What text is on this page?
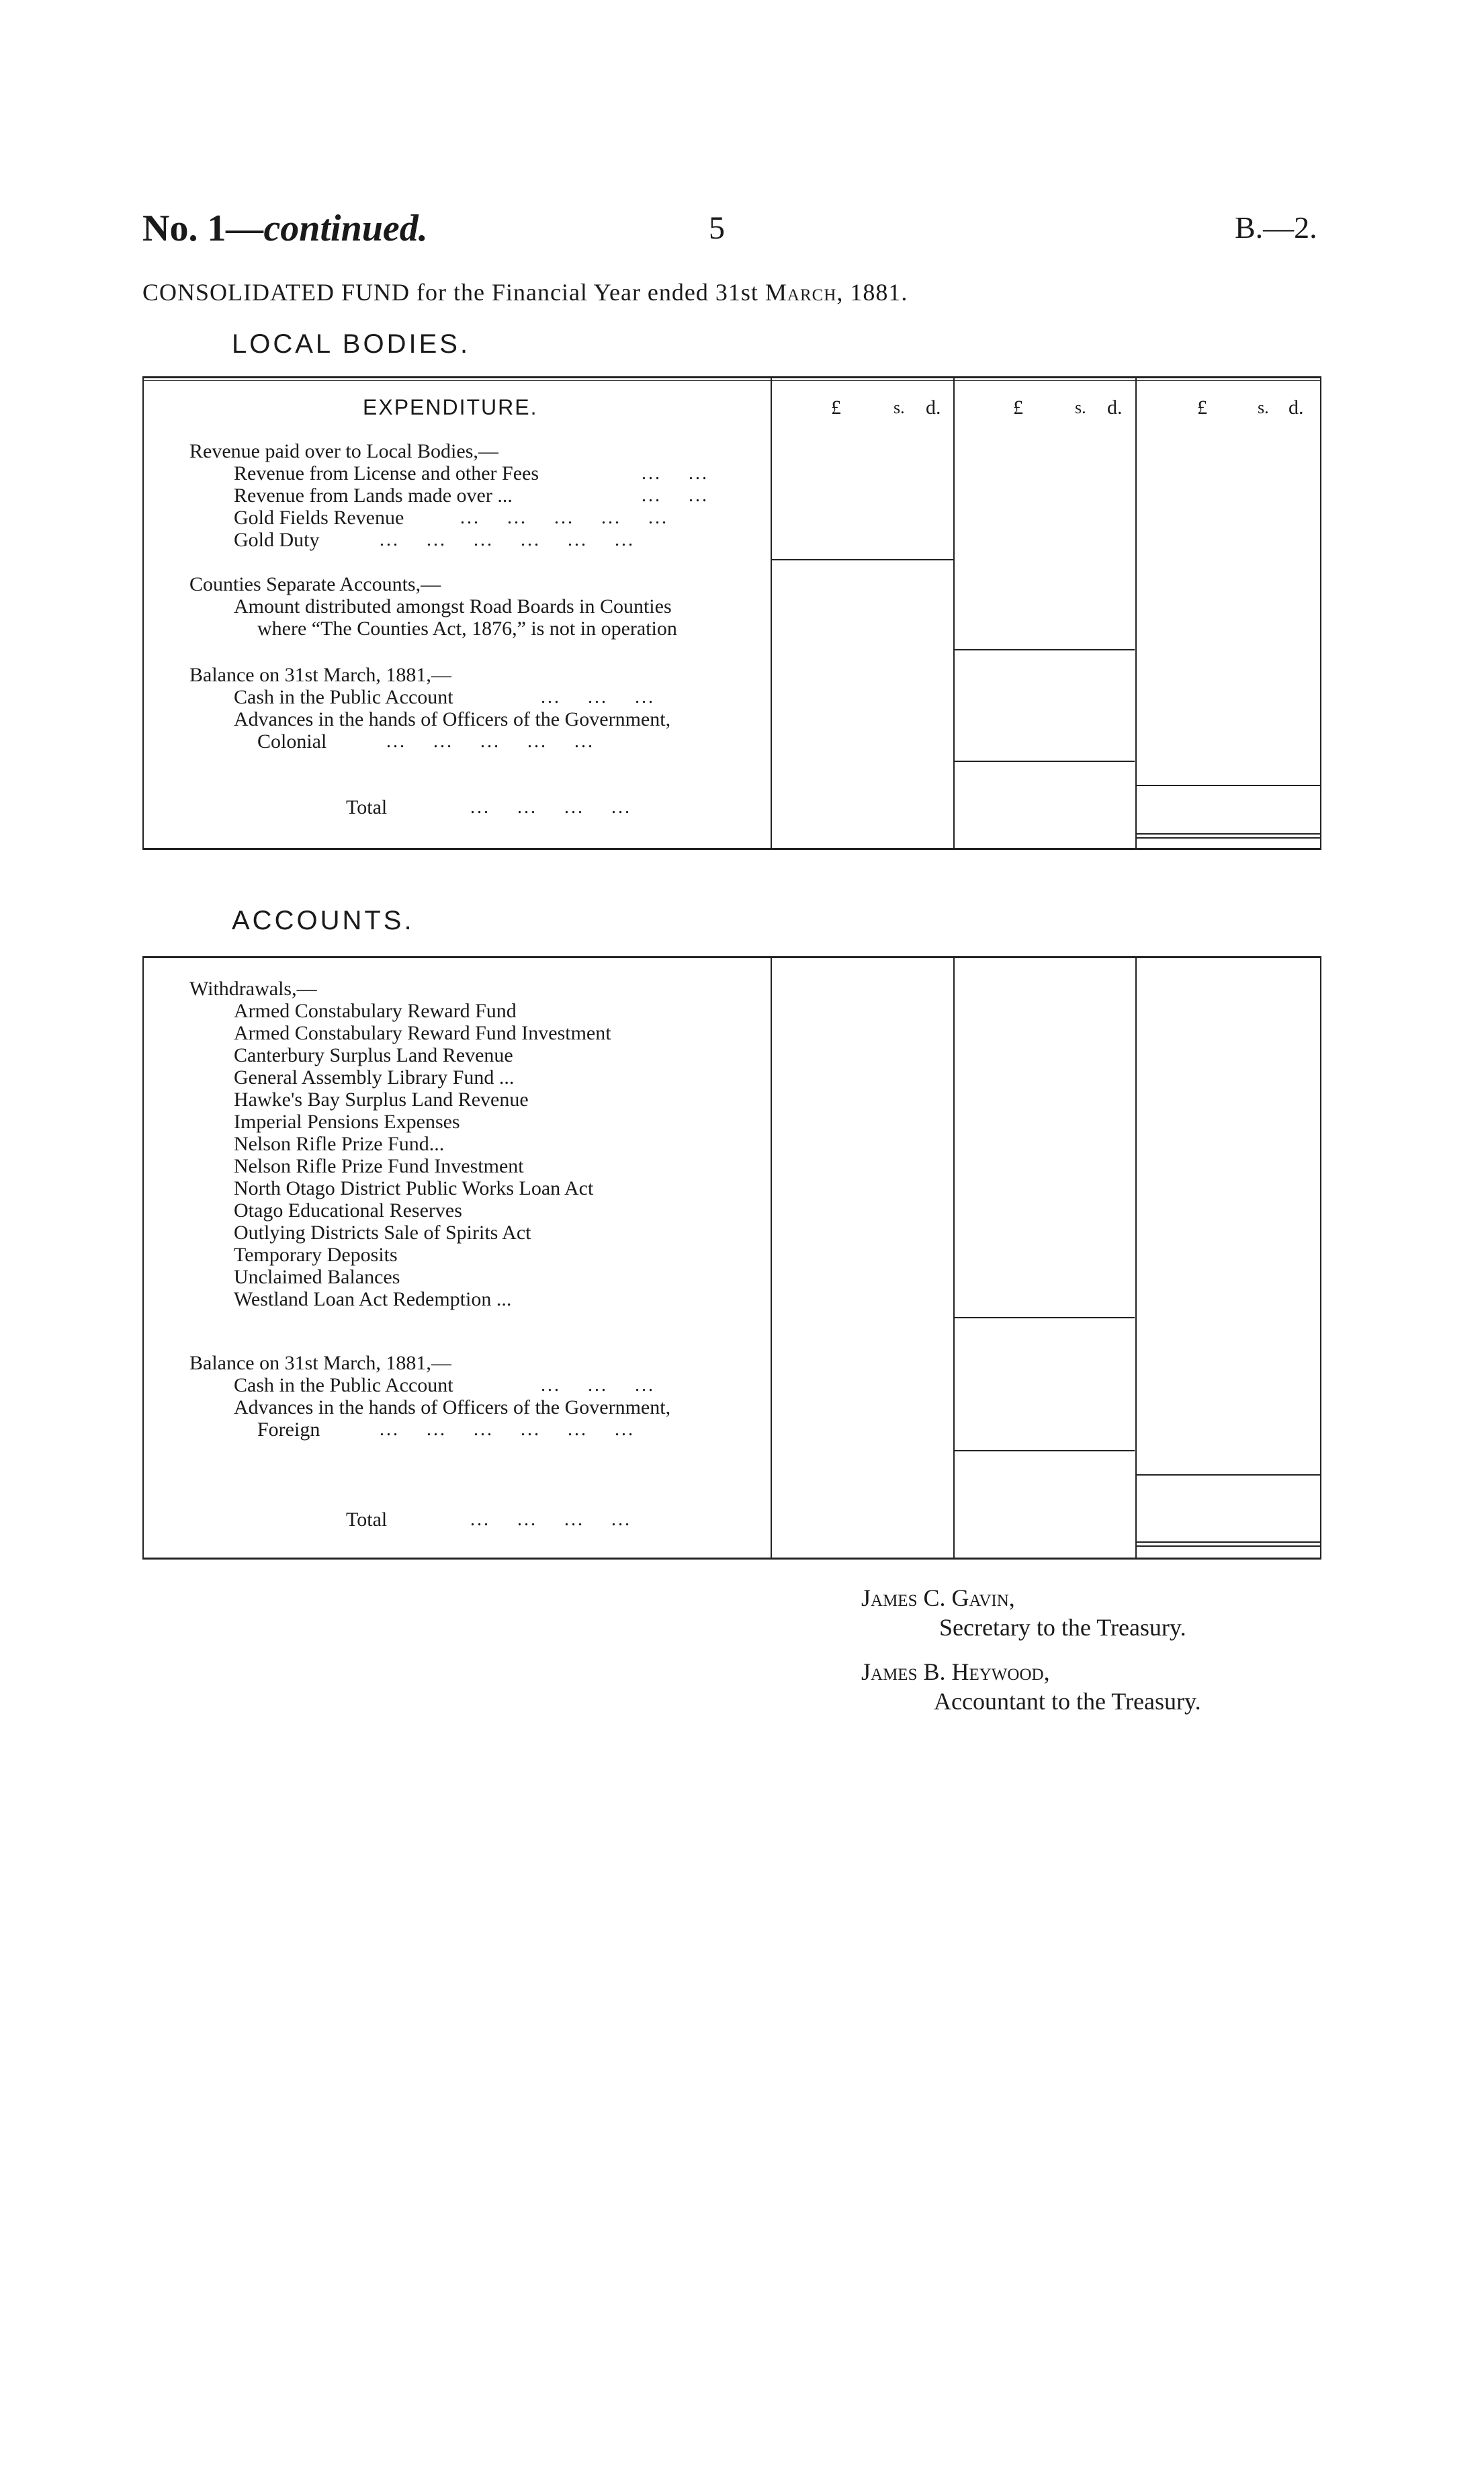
No. 1—continued.	5	B.—2.
CONSOLIDATED FUND for the Financial Year ended 31st March, 1881.
LOCAL BODIES.
EXPENDITURE.	£	s. d.	£	s. d.	£	s. d.
Revenue paid over to Local Bodies,—
Revenue from License and other Fees	...    ...
Revenue from Lands made over ...	...    ...
Gold Fields Revenue	...    ...    ...    ...    ...
Gold Duty	...    ...    ...    ...    ...    ...
Counties Separate Accounts,—
Amount distributed amongst Road Boards in Counties
where “The Counties Act, 1876,” is not in operation
Balance on 31st March, 1881,—
Cash in the Public Account	...    ...    ...
Advances in the hands of Officers of the Government,
Colonial	...    ...    ...    ...    ...
Total	...    ...    ...    ...
ACCOUNTS.
Withdrawals,—
Armed Constabulary Reward Fund
Armed Constabulary Reward Fund Investment
Canterbury Surplus Land Revenue
General Assembly Library Fund ...
Hawke's Bay Surplus Land Revenue
Imperial Pensions Expenses
Nelson Rifle Prize Fund...
Nelson Rifle Prize Fund Investment
North Otago District Public Works Loan Act
Otago Educational Reserves
Outlying Districts Sale of Spirits Act
Temporary Deposits
Unclaimed Balances
Westland Loan Act Redemption ...
Balance on 31st March, 1881,—
Cash in the Public Account	...    ...    ...
Advances in the hands of Officers of the Government,
Foreign	...    ...    ...    ...    ...    ...
Total	...    ...    ...    ...
James C. Gavin,
Secretary to the Treasury.
James B. Heywood,
Accountant to the Treasury.
